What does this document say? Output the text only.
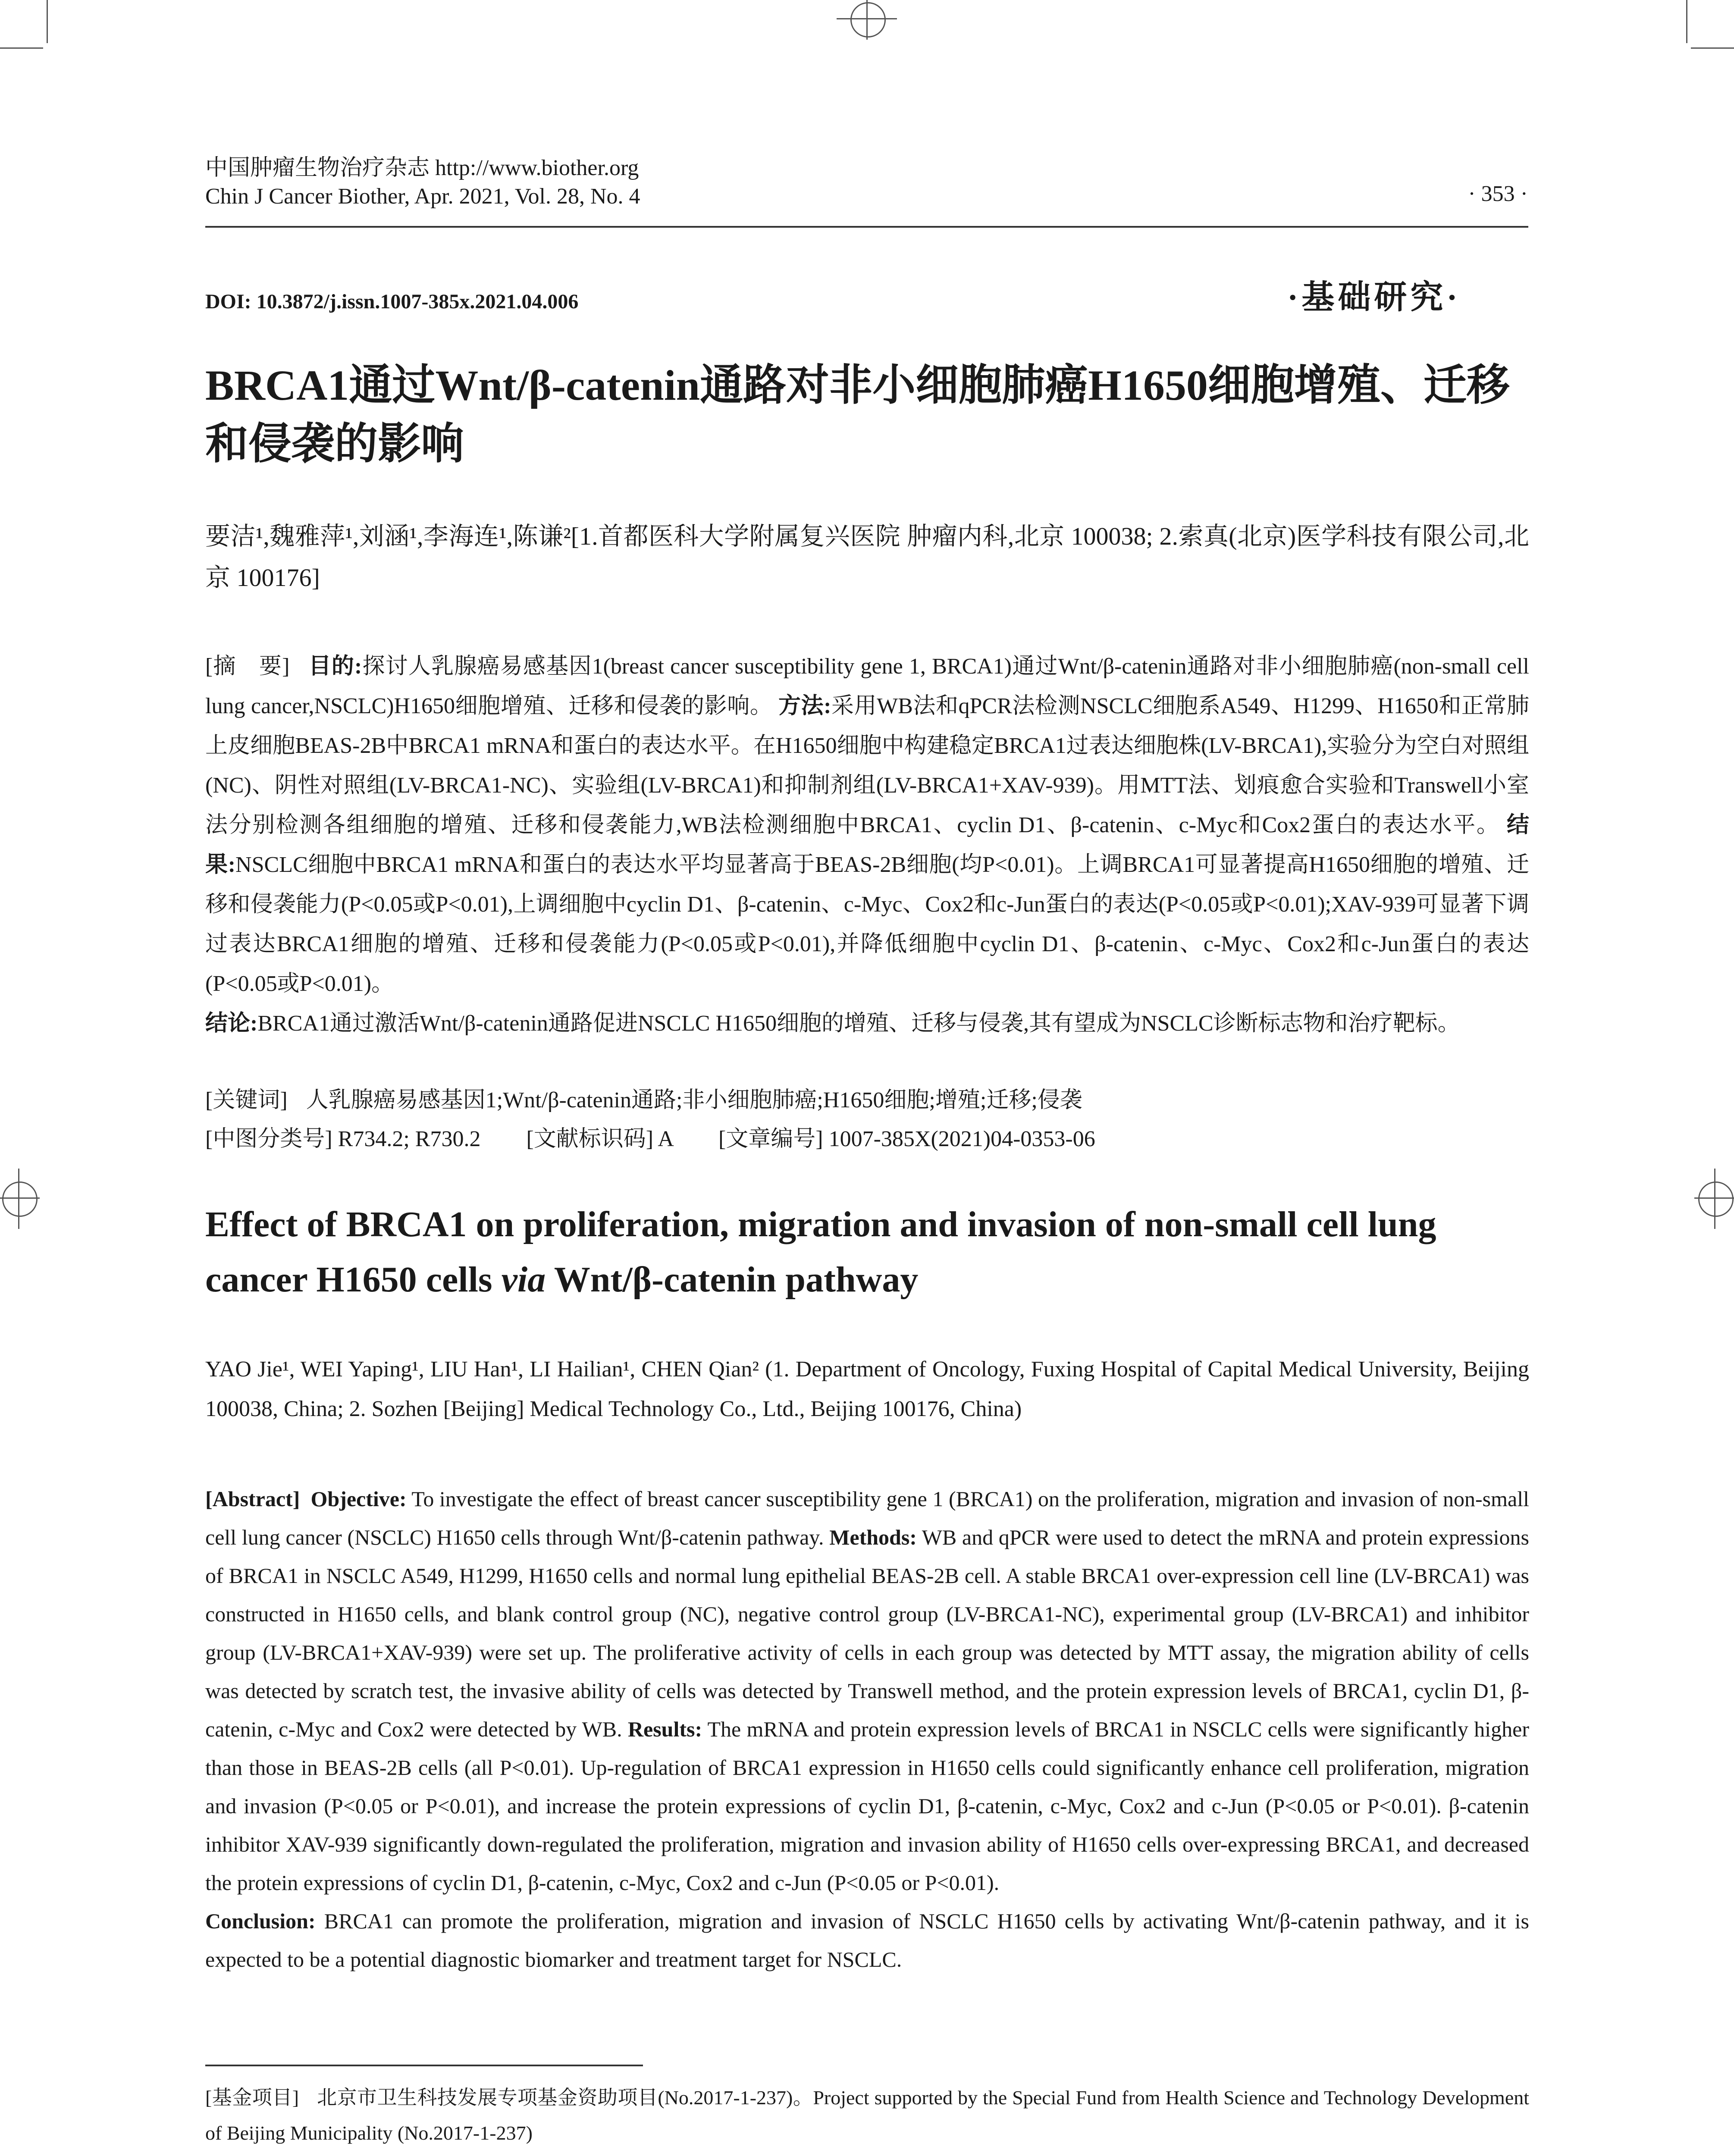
中国肿瘤生物治疗杂志 http://www.biother.org
Chin J Cancer Biother, Apr. 2021, Vol. 28, No. 4	· 353 ·
DOI: 10.3872/j.issn.1007-385x.2021.04.006	·基础研究·
BRCA1通过Wnt/β-catenin通路对非小细胞肺癌H1650细胞增殖、迁移和侵袭的影响
要洁¹,魏雅萍¹,刘涵¹,李海连¹,陈谦²[1.首都医科大学附属复兴医院 肿瘤内科,北京 100038; 2.索真(北京)医学科技有限公司,北京 100176]
[摘　要] 目的:探讨人乳腺癌易感基因1(breast cancer susceptibility gene 1, BRCA1)通过Wnt/β-catenin通路对非小细胞肺癌(non-small cell lung cancer,NSCLC)H1650细胞增殖、迁移和侵袭的影响。 方法:采用WB法和qPCR法检测NSCLC细胞系A549、H1299、H1650和正常肺上皮细胞BEAS-2B中BRCA1 mRNA和蛋白的表达水平。在H1650细胞中构建稳定BRCA1过表达细胞株(LV-BRCA1),实验分为空白对照组(NC)、阴性对照组(LV-BRCA1-NC)、实验组(LV-BRCA1)和抑制剂组(LV-BRCA1+XAV-939)。用MTT法、划痕愈合实验和Transwell小室法分别检测各组细胞的增殖、迁移和侵袭能力,WB法检测细胞中BRCA1、cyclin D1、β-catenin、c-Myc和Cox2蛋白的表达水平。 结果:NSCLC细胞中BRCA1 mRNA和蛋白的表达水平均显著高于BEAS-2B细胞(均P<0.01)。上调BRCA1可显著提高H1650细胞的增殖、迁移和侵袭能力(P<0.05或P<0.01),上调细胞中cyclin D1、β-catenin、c-Myc、Cox2和c-Jun蛋白的表达(P<0.05或P<0.01);XAV-939可显著下调过表达BRCA1细胞的增殖、迁移和侵袭能力(P<0.05或P<0.01),并降低细胞中cyclin D1、β-catenin、c-Myc、Cox2和c-Jun蛋白的表达(P<0.05或P<0.01)。
结论:BRCA1通过激活Wnt/β-catenin通路促进NSCLC H1650细胞的增殖、迁移与侵袭,其有望成为NSCLC诊断标志物和治疗靶标。
[关键词] 人乳腺癌易感基因1;Wnt/β-catenin通路;非小细胞肺癌;H1650细胞;增殖;迁移;侵袭
[中图分类号] R734.2; R730.2 [文献标识码] A [文章编号] 1007-385X(2021)04-0353-06
Effect of BRCA1 on proliferation, migration and invasion of non-small cell lung cancer H1650 cells via Wnt/β-catenin pathway
YAO Jie¹, WEI Yaping¹, LIU Han¹, LI Hailian¹, CHEN Qian² (1. Department of Oncology, Fuxing Hospital of Capital Medical University, Beijing 100038, China; 2. Sozhen [Beijing] Medical Technology Co., Ltd., Beijing 100176, China)
[Abstract] Objective: To investigate the effect of breast cancer susceptibility gene 1 (BRCA1) on the proliferation, migration and invasion of non-small cell lung cancer (NSCLC) H1650 cells through Wnt/β-catenin pathway. Methods: WB and qPCR were used to detect the mRNA and protein expressions of BRCA1 in NSCLC A549, H1299, H1650 cells and normal lung epithelial BEAS-2B cell. A stable BRCA1 over-expression cell line (LV-BRCA1) was constructed in H1650 cells, and blank control group (NC), negative control group (LV-BRCA1-NC), experimental group (LV-BRCA1) and inhibitor group (LV-BRCA1+XAV-939) were set up. The proliferative activity of cells in each group was detected by MTT assay, the migration ability of cells was detected by scratch test, the invasive ability of cells was detected by Transwell method, and the protein expression levels of BRCA1, cyclin D1, β-catenin, c-Myc and Cox2 were detected by WB. Results: The mRNA and protein expression levels of BRCA1 in NSCLC cells were significantly higher than those in BEAS-2B cells (all P<0.01). Up-regulation of BRCA1 expression in H1650 cells could significantly enhance cell proliferation, migration and invasion (P<0.05 or P<0.01), and increase the protein expressions of cyclin D1, β-catenin, c-Myc, Cox2 and c-Jun (P<0.05 or P<0.01). β-catenin inhibitor XAV-939 significantly down-regulated the proliferation, migration and invasion ability of H1650 cells over-expressing BRCA1, and decreased the protein expressions of cyclin D1, β-catenin, c-Myc, Cox2 and c-Jun (P<0.05 or P<0.01).
Conclusion: BRCA1 can promote the proliferation, migration and invasion of NSCLC H1650 cells by activating Wnt/β-catenin pathway, and it is expected to be a potential diagnostic biomarker and treatment target for NSCLC.
[基金项目] 北京市卫生科技发展专项基金资助项目(No.2017-1-237)。Project supported by the Special Fund from Health Science and Technology Development of Beijing Municipality (No.2017-1-237)
